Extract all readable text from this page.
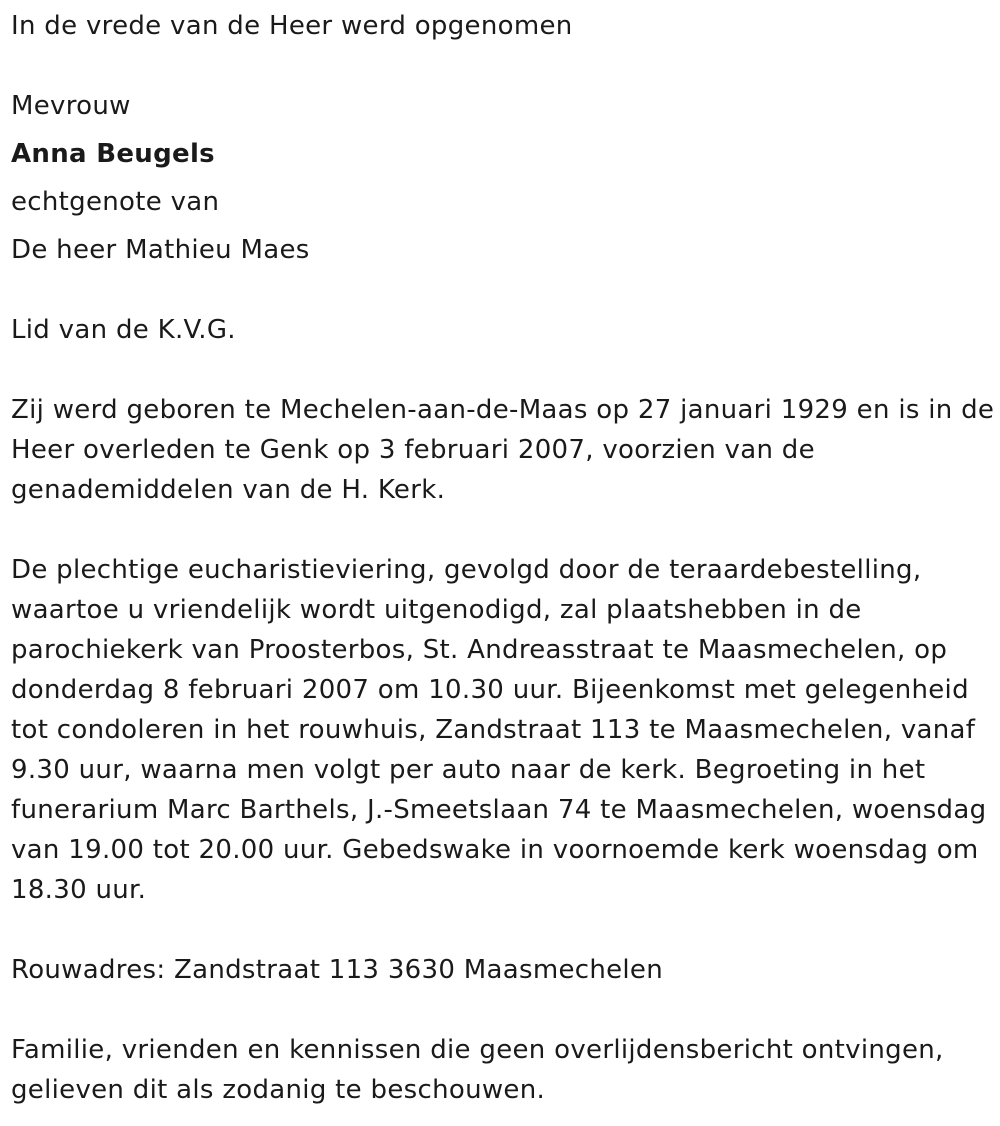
In de vrede van de Heer werd opgenomen
Mevrouw
Anna Beugels
echtgenote van
De heer Mathieu Maes
Lid van de K.V.G.
Zij werd geboren te Mechelen-aan-de-Maas op 27 januari 1929 en is in de
Heer overleden te Genk op 3 februari 2007, voorzien van de
genademiddelen van de H. Kerk.
De plechtige eucharistieviering, gevolgd door de teraardebestelling,
waartoe u vriendelijk wordt uitgenodigd, zal plaatshebben in de
parochiekerk van Proosterbos, St. Andreasstraat te Maasmechelen, op
donderdag 8 februari 2007 om 10.30 uur. Bijeenkomst met gelegenheid
tot condoleren in het rouwhuis, Zandstraat 113 te Maasmechelen, vanaf
9.30 uur, waarna men volgt per auto naar de kerk. Begroeting in het
funerarium Marc Barthels, J.-Smeetslaan 74 te Maasmechelen, woensdag
van 19.00 tot 20.00 uur. Gebedswake in voornoemde kerk woensdag om
18.30 uur.
Rouwadres: Zandstraat 113 3630 Maasmechelen
Familie, vrienden en kennissen die geen overlijdensbericht ontvingen,
gelieven dit als zodanig te beschouwen.
